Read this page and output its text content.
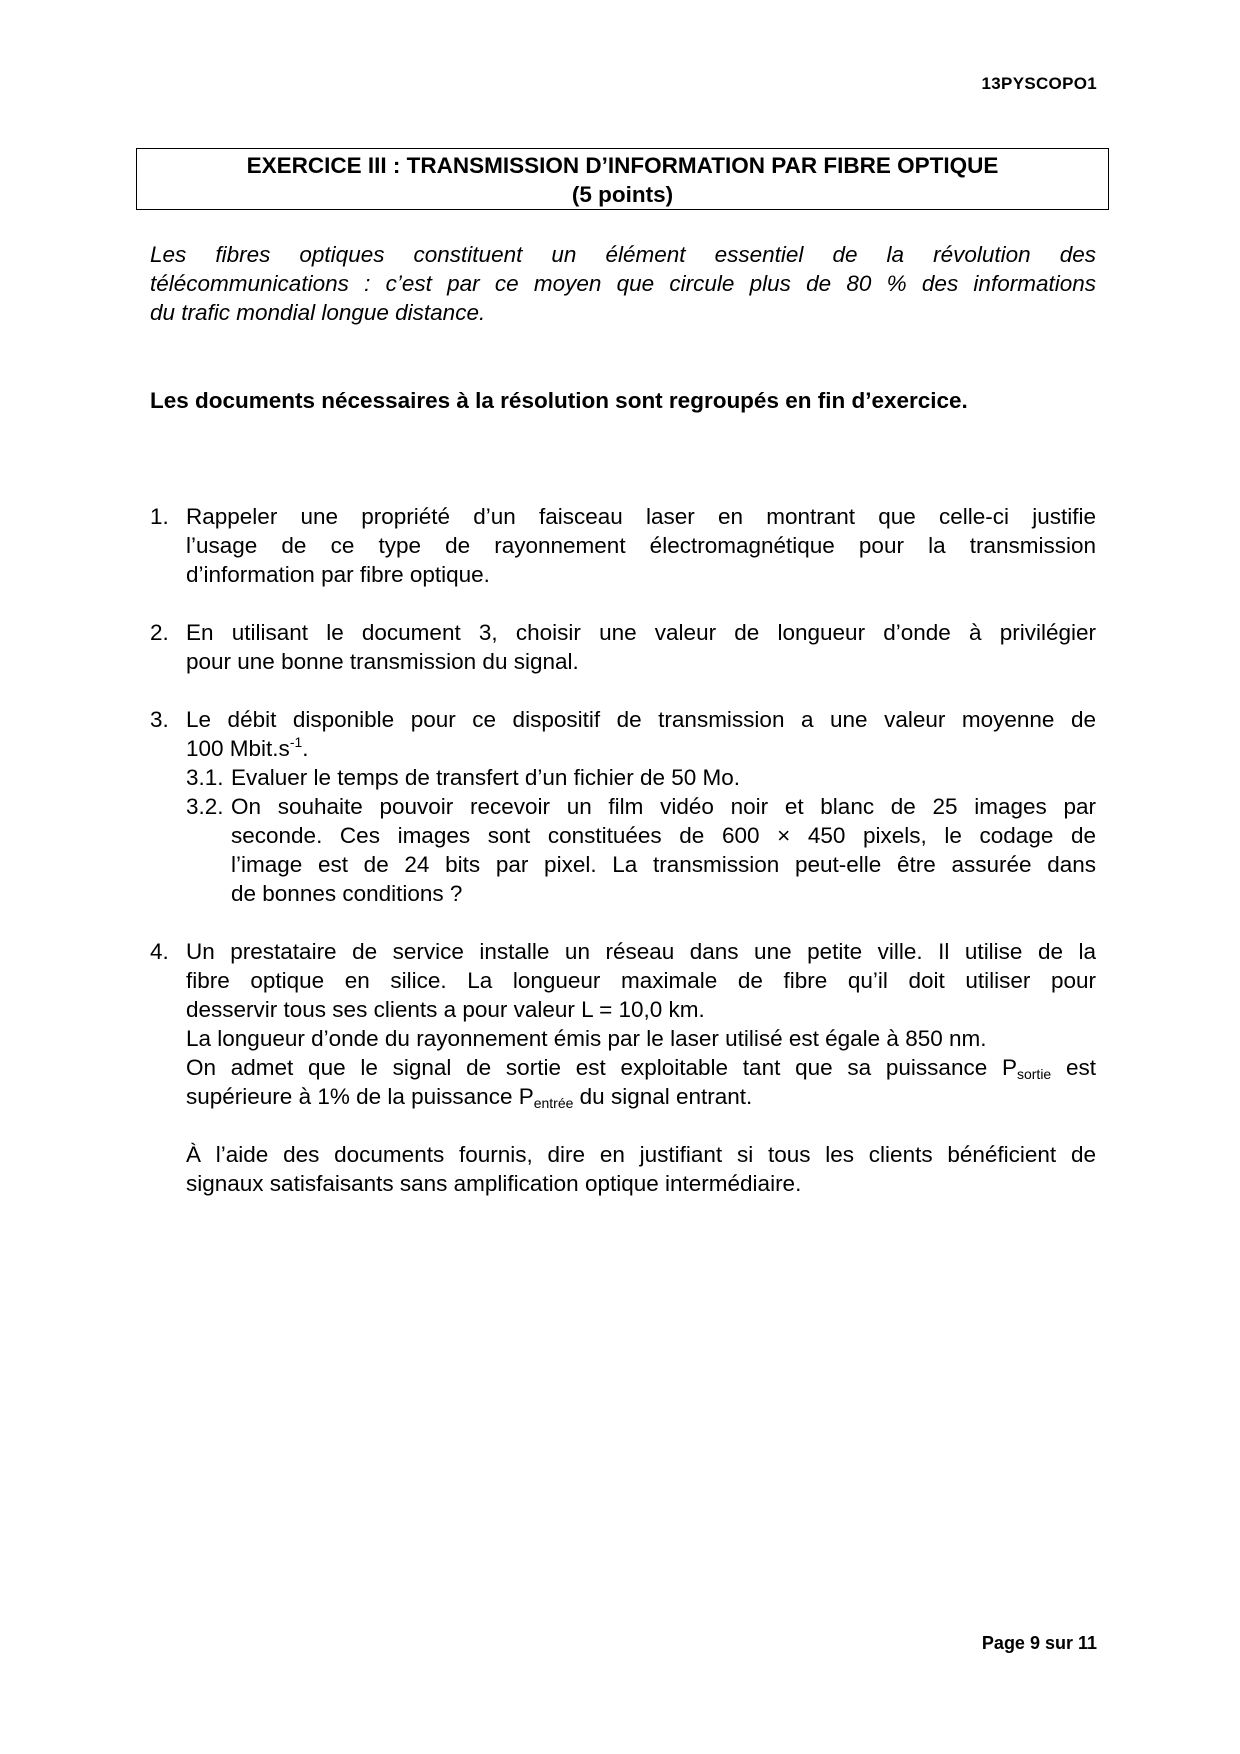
13PYSCOPO1
EXERCICE III : TRANSMISSION D’INFORMATION PAR FIBRE OPTIQUE
(5 points)
Les fibres optiques constituent un élément essentiel de la révolution des
télécommunications : c’est par ce moyen que circule plus de 80 % des informations
du trafic mondial longue distance.
Les documents nécessaires à la résolution sont regroupés en fin d’exercice.
1. Rappeler une propriété d’un faisceau laser en montrant que celle-ci justifie
l’usage de ce type de rayonnement électromagnétique pour la transmission
d’information par fibre optique.
2. En utilisant le document 3, choisir une valeur de longueur d’onde à privilégier
pour une bonne transmission du signal.
3. Le débit disponible pour ce dispositif de transmission a une valeur moyenne de
100 $Mbit.s^{-1}$.
3.1. Evaluer le temps de transfert d’un fichier de 50 Mo.
3.2. On souhaite pouvoir recevoir un film vidéo noir et blanc de 25 images par
seconde. Ces images sont constituées de 600 × 450 pixels, le codage de
l’image est de 24 bits par pixel. La transmission peut-elle être assurée dans
de bonnes conditions ?
4. Un prestataire de service installe un réseau dans une petite ville. Il utilise de la
fibre optique en silice. La longueur maximale de fibre qu’il doit utiliser pour
desservir tous ses clients a pour valeur L = 10,0 km.
La longueur d’onde du rayonnement émis par le laser utilisé est égale à 850 nm.
On admet que le signal de sortie est exploitable tant que sa puissance $P_{sortie}$ est
supérieure à 1% de la puissance $P_{entrée}$ du signal entrant.
À l’aide des documents fournis, dire en justifiant si tous les clients bénéficient de
signaux satisfaisants sans amplification optique intermédiaire.
Page 9 sur 11
